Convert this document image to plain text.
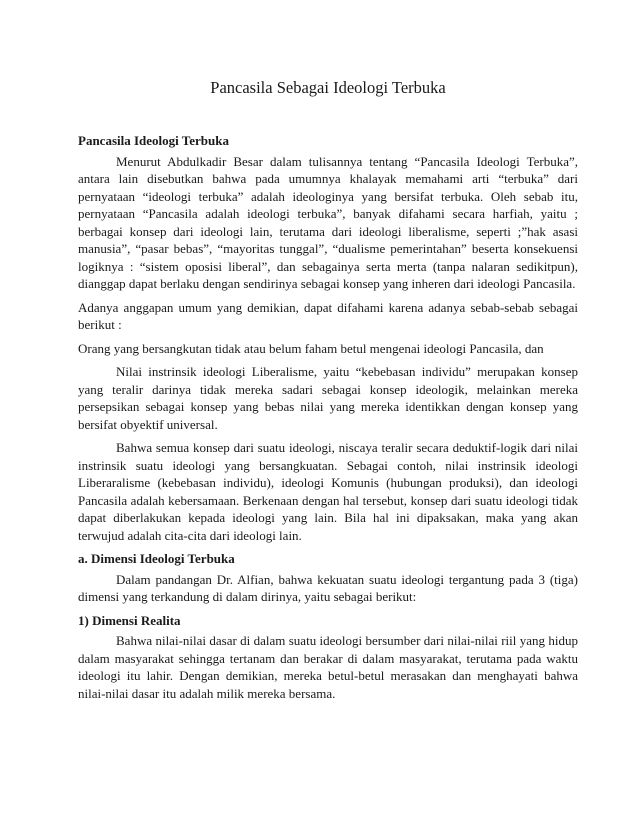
Pancasila Sebagai Ideologi Terbuka
Pancasila Ideologi Terbuka

Menurut Abdulkadir Besar dalam tulisannya tentang “Pancasila Ideologi Terbuka”, antara lain disebutkan bahwa pada umumnya khalayak memahami arti “terbuka” dari pernyataan “ideologi terbuka” adalah ideologinya yang bersifat terbuka. Oleh sebab itu, pernyataan “Pancasila adalah ideologi terbuka”, banyak difahami secara harfiah, yaitu ; berbagai konsep dari ideologi lain, terutama dari ideologi liberalisme, seperti ;”hak asasi manusia”, “pasar bebas”, “mayoritas tunggal”, “dualisme pemerintahan” beserta konsekuensi logiknya : “sistem oposisi liberal”, dan sebagainya serta merta (tanpa nalaran sedikitpun), dianggap dapat berlaku dengan sendirinya sebagai konsep yang inheren dari ideologi Pancasila.

Adanya anggapan umum yang demikian, dapat difahami karena adanya sebab-sebab sebagai berikut :

Orang yang bersangkutan tidak atau belum faham betul mengenai ideologi Pancasila, dan

Nilai instrinsik ideologi Liberalisme, yaitu “kebebasan individu” merupakan konsep yang teralir darinya tidak mereka sadari sebagai konsep ideologik, melainkan mereka persepsikan sebagai konsep yang bebas nilai yang mereka identikkan dengan konsep yang bersifat obyektif universal.

Bahwa semua konsep dari suatu ideologi, niscaya teralir secara deduktif-logik dari nilai instrinsik suatu ideologi yang bersangkuatan. Sebagai contoh, nilai instrinsik ideologi Liberaralisme (kebebasan individu), ideologi Komunis (hubungan produksi), dan ideologi Pancasila adalah kebersamaan. Berkenaan dengan hal tersebut, konsep dari suatu ideologi tidak dapat diberlakukan kepada ideologi yang lain. Bila hal ini dipaksakan, maka yang akan terwujud adalah cita-cita dari ideologi lain.

a. Dimensi Ideologi Terbuka

Dalam pandangan Dr. Alfian, bahwa kekuatan suatu ideologi tergantung pada 3 (tiga) dimensi yang terkandung di dalam dirinya, yaitu sebagai berikut:

1) Dimensi Realita

Bahwa nilai-nilai dasar di dalam suatu ideologi bersumber dari nilai-nilai riil yang hidup dalam masyarakat sehingga tertanam dan berakar di dalam masyarakat, terutama pada waktu ideologi itu lahir. Dengan demikian, mereka betul-betul merasakan dan menghayati bahwa nilai-nilai dasar itu adalah milik mereka bersama.
